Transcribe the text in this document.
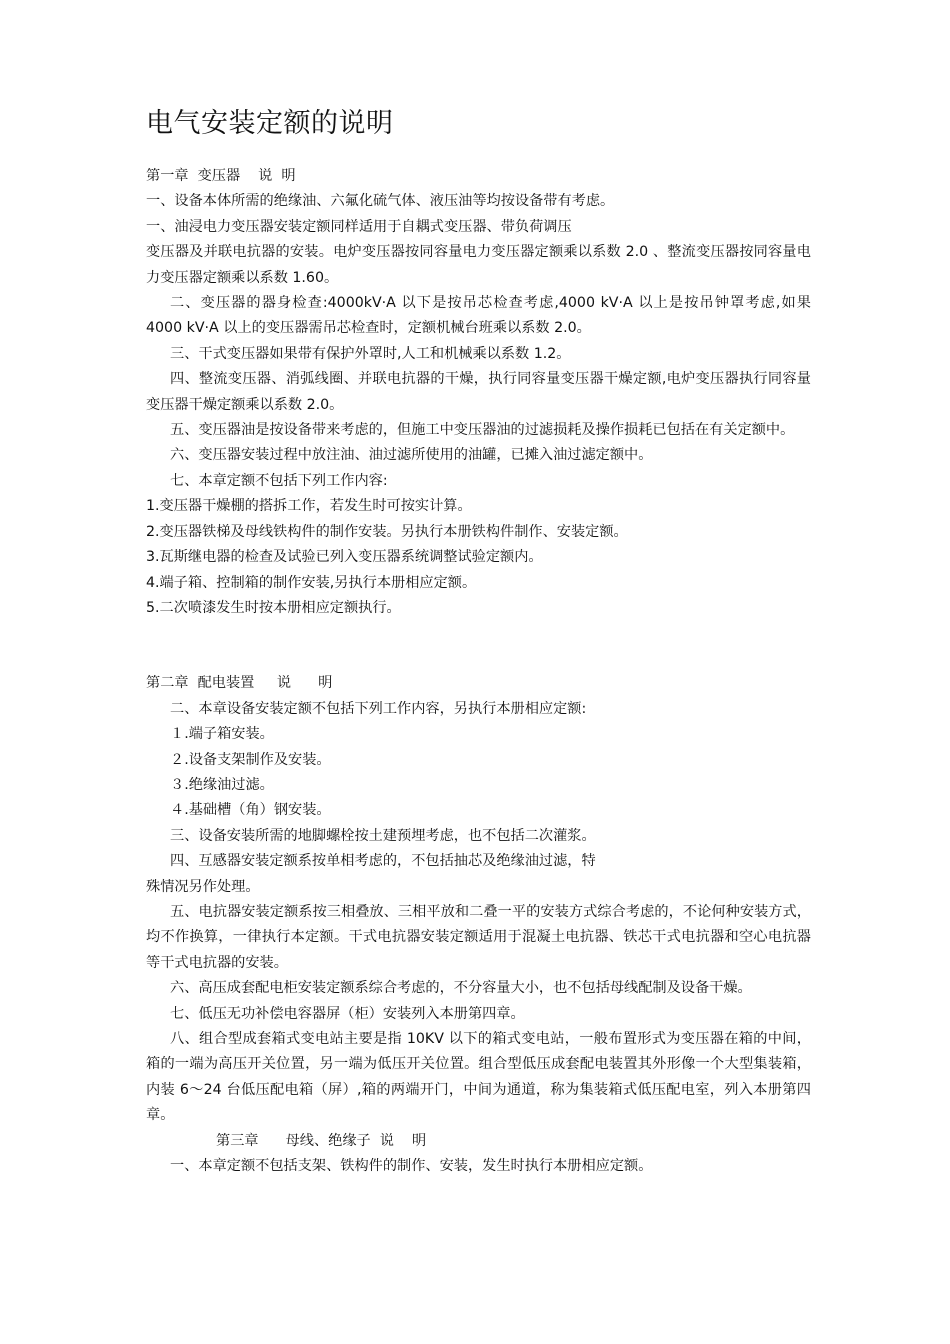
电气安装定额的说明
第一章  变压器    说  明
一、设备本体所需的绝缘油、六氟化硫气体、液压油等均按设备带有考虑。
一、油浸电力变压器安装定额同样适用于自耦式变压器、带负荷调压
变压器及并联电抗器的安装。电炉变压器按同容量电力变压器定额乘以系数 2.0 、整流变压器按同容量电力变压器定额乘以系数 1.60。
二、变压器的器身检查:4000kV·A 以下是按吊芯检查考虑,4000 kV·A 以上是按吊钟罩考虑,如果 4000 kV·A 以上的变压器需吊芯检查时，定额机械台班乘以系数 2.0。
三、干式变压器如果带有保护外罩时,人工和机械乘以系数 1.2。
四、整流变压器、消弧线圈、并联电抗器的干燥，执行同容量变压器干燥定额,电炉变压器执行同容量变压器干燥定额乘以系数 2.0。
五、变压器油是按设备带来考虑的，但施工中变压器油的过滤损耗及操作损耗已包括在有关定额中。
六、变压器安装过程中放注油、油过滤所使用的油罐，已摊入油过滤定额中。
七、本章定额不包括下列工作内容:
1.变压器干燥棚的搭拆工作，若发生时可按实计算。
2.变压器铁梯及母线铁构件的制作安装。另执行本册铁构件制作、安装定额。
3.瓦斯继电器的检查及试验已列入变压器系统调整试验定额内。
4.端子箱、控制箱的制作安装,另执行本册相应定额。
5.二次喷漆发生时按本册相应定额执行。
第二章  配电装置     说      明
二、本章设备安装定额不包括下列工作内容，另执行本册相应定额:
１.端子箱安装。
２.设备支架制作及安装。
３.绝缘油过滤。
４.基础槽（角）钢安装。
三、设备安装所需的地脚螺栓按土建预埋考虑，也不包括二次灌浆。
四、互感器安装定额系按单相考虑的，不包括抽芯及绝缘油过滤，特
殊情况另作处理。
五、电抗器安装定额系按三相叠放、三相平放和二叠一平的安装方式综合考虑的，不论何种安装方式，均不作换算，一律执行本定额。干式电抗器安装定额适用于混凝土电抗器、铁芯干式电抗器和空心电抗器等干式电抗器的安装。
六、高压成套配电柜安装定额系综合考虑的，不分容量大小，也不包括母线配制及设备干燥。
七、低压无功补偿电容器屏（柜）安装列入本册第四章。
八、组合型成套箱式变电站主要是指 10KV 以下的箱式变电站，一般布置形式为变压器在箱的中间，箱的一端为高压开关位置，另一端为低压开关位置。组合型低压成套配电装置其外形像一个大型集装箱，内装 6～24 台低压配电箱（屏）,箱的两端开门，中间为通道，称为集装箱式低压配电室，列入本册第四章。
第三章      母线、绝缘子  说    明
一、本章定额不包括支架、铁构件的制作、安装，发生时执行本册相应定额。
